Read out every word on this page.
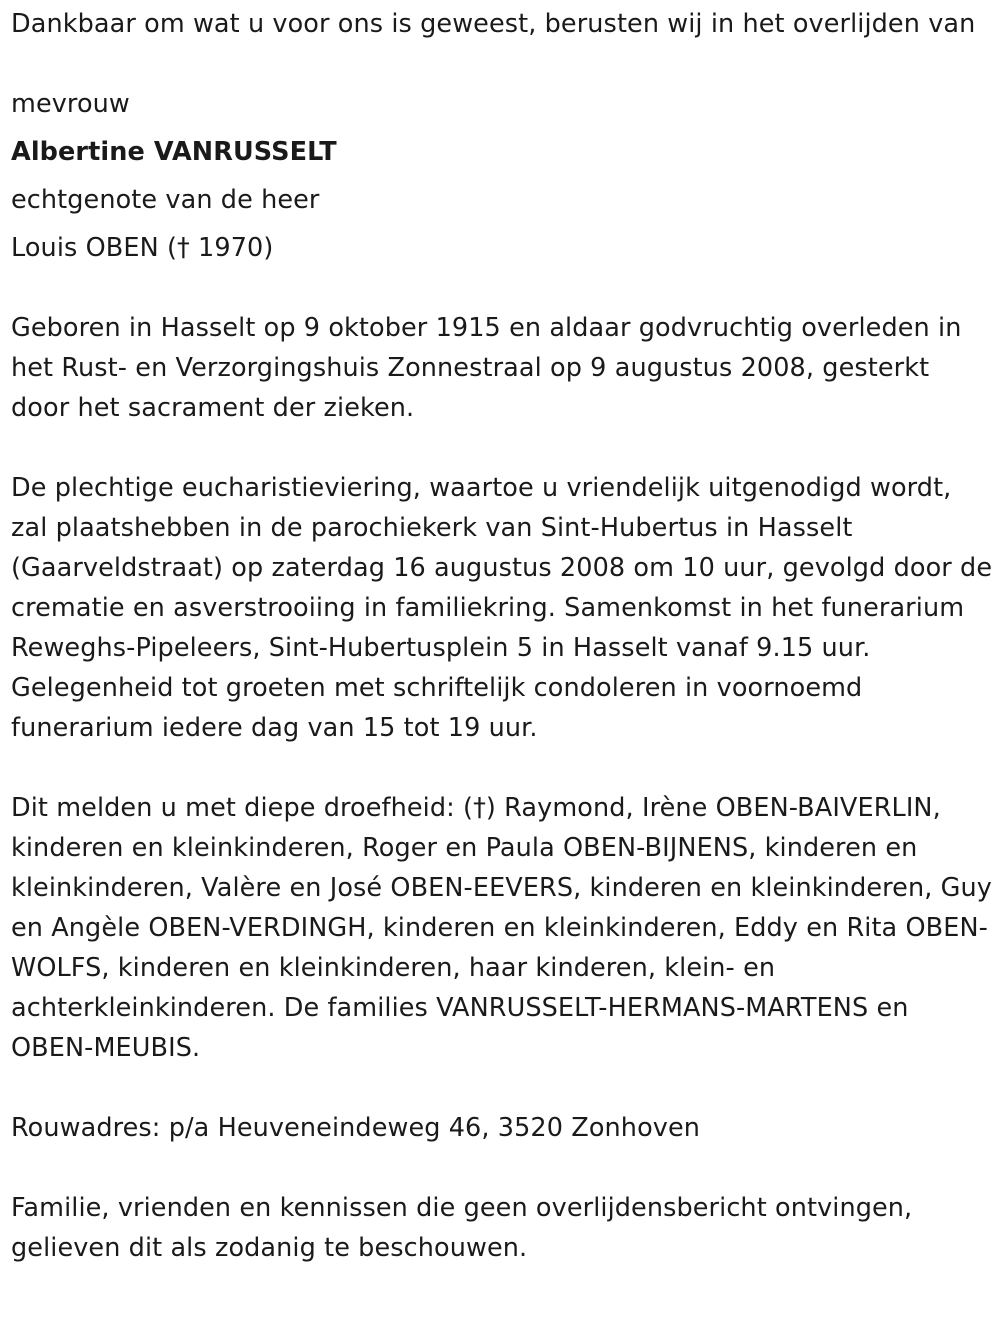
Dankbaar om wat u voor ons is geweest, berusten wij in het overlijden van

mevrouw

Albertine VANRUSSELT

echtgenote van de heer

Louis OBEN († 1970)

Geboren in Hasselt op 9 oktober 1915 en aldaar godvruchtig overleden in het Rust- en Verzorgingshuis Zonnestraal op 9 augustus 2008, gesterkt door het sacrament der zieken.

De plechtige eucharistieviering, waartoe u vriendelijk uitgenodigd wordt, zal plaatshebben in de parochiekerk van Sint-Hubertus in Hasselt (Gaarveldstraat) op zaterdag 16 augustus 2008 om 10 uur, gevolgd door de crematie en asverstrooiing in familiekring. Samenkomst in het funerarium Reweghs-Pipeleers, Sint-Hubertusplein 5 in Hasselt vanaf 9.15 uur. Gelegenheid tot groeten met schriftelijk condoleren in voornoemd funerarium iedere dag van 15 tot 19 uur.

Dit melden u met diepe droefheid: (†) Raymond, Irène OBEN-BAIVERLIN, kinderen en kleinkinderen, Roger en Paula OBEN-BIJNENS, kinderen en kleinkinderen, Valère en José OBEN-EEVERS, kinderen en kleinkinderen, Guy en Angèle OBEN-VERDINGH, kinderen en kleinkinderen, Eddy en Rita OBEN-WOLFS, kinderen en kleinkinderen, haar kinderen, klein- en achterkleinkinderen. De families VANRUSSELT-HERMANS-MARTENS en OBEN-MEUBIS.

Rouwadres: p/a Heuveneindeweg 46, 3520 Zonhoven

Familie, vrienden en kennissen die geen overlijdensbericht ontvingen, gelieven dit als zodanig te beschouwen.
